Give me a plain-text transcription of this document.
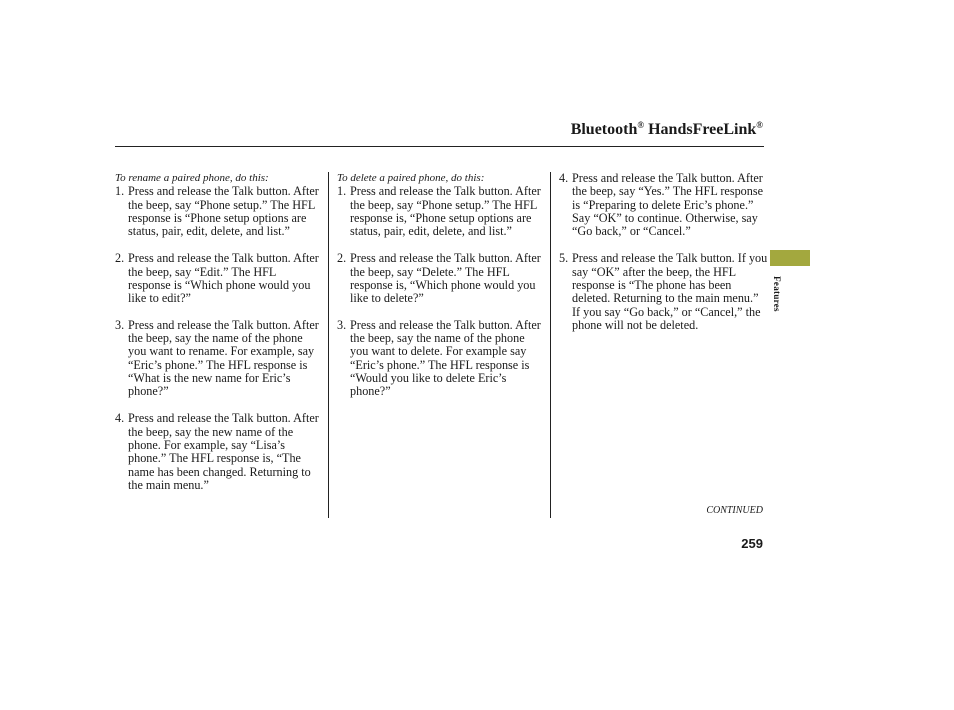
Bluetooth® HandsFreeLink®
To rename a paired phone, do this:
1. Press and release the Talk button. After the beep, say “Phone setup.” The HFL response is “Phone setup options are status, pair, edit, delete, and list.”
2. Press and release the Talk button. After the beep, say “Edit.” The HFL response is “Which phone would you like to edit?”
3. Press and release the Talk button. After the beep, say the name of the phone you want to rename. For example, say “Eric’s phone.” The HFL response is “What is the new name for Eric’s phone?”
4. Press and release the Talk button. After the beep, say the new name of the phone. For example, say “Lisa’s phone.” The HFL response is, “The name has been changed. Returning to the main menu.”
To delete a paired phone, do this:
1. Press and release the Talk button. After the beep, say “Phone setup.” The HFL response is, “Phone setup options are status, pair, edit, delete, and list.”
2. Press and release the Talk button. After the beep, say “Delete.” The HFL response is, “Which phone would you like to delete?”
3. Press and release the Talk button. After the beep, say the name of the phone you want to delete. For example say “Eric’s phone.” The HFL response is “Would you like to delete Eric’s phone?”
4. Press and release the Talk button. After the beep, say “Yes.” The HFL response is “Preparing to delete Eric’s phone.” Say “OK” to continue. Otherwise, say “Go back,” or “Cancel.”
5. Press and release the Talk button. If you say “OK” after the beep, the HFL response is “The phone has been deleted. Returning to the main menu.” If you say “Go back,” or “Cancel,” the phone will not be deleted.
Features
CONTINUED
259
